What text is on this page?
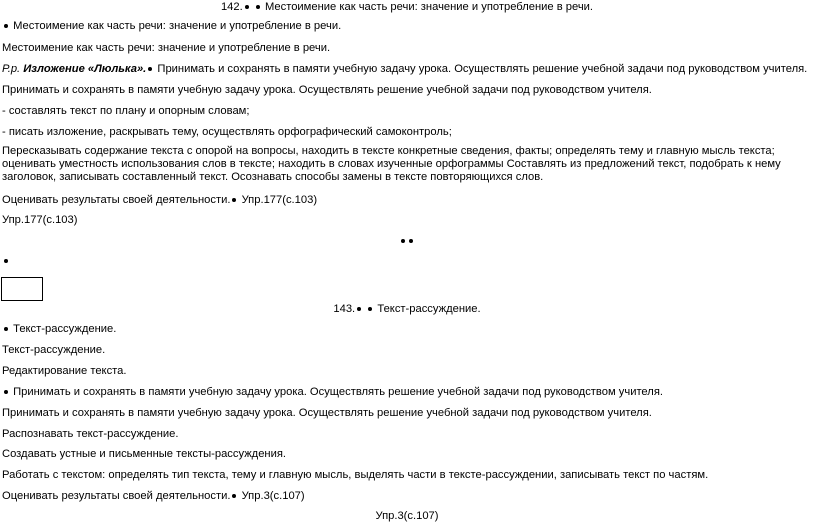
142. Местоимение как часть речи: значение и употребление в речи.
Местоимение как часть речи: значение и употребление в речи.
Местоимение как часть речи: значение и употребление в речи.
Р.р. Изложение «Люлька». Принимать и сохранять в памяти учебную задачу урока. Осуществлять решение учебной задачи под руководством учителя.
Принимать и сохранять в памяти учебную задачу урока. Осуществлять решение учебной задачи под руководством учителя.
- составлять текст по плану и опорным словам;
- писать изложение, раскрывать тему, осуществлять орфографический самоконтроль;
Пересказывать содержание текста с опорой на вопросы, находить в тексте конкретные сведения, факты; определять тему и главную мысль текста; оценивать уместность использования слов в тексте; находить в словах изученные орфограммы Составлять из предложений текст, подобрать к нему заголовок, записывать составленный текст. Осознавать способы замены в тексте повторяющихся слов.
Оценивать результаты своей деятельности. Упр.177(с.103)
Упр.177(с.103)
143. Текст-рассуждение.
Текст-рассуждение.
Текст-рассуждение.
Редактирование текста.
Принимать и сохранять в памяти учебную задачу урока. Осуществлять решение учебной задачи под руководством учителя.
Принимать и сохранять в памяти учебную задачу урока. Осуществлять решение учебной задачи под руководством учителя.
Распознавать текст-рассуждение.
Создавать устные и письменные тексты-рассуждения.
Работать с текстом: определять тип текста, тему и главную мысль, выделять части в тексте-рассуждении, записывать текст по частям.
Оценивать результаты своей деятельности. Упр.3(с.107)
Упр.3(с.107)
